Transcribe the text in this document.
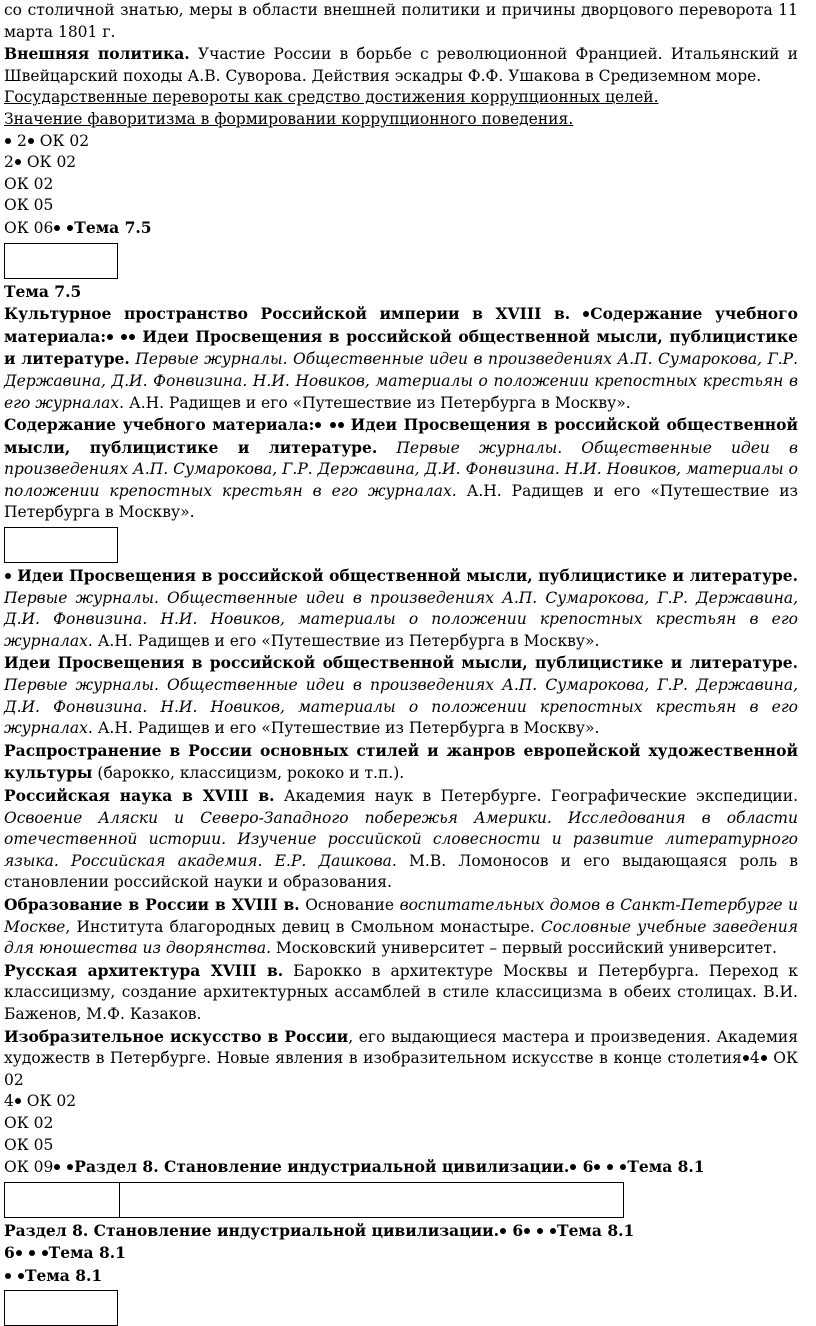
со столичной знатью, меры в области внешней политики и причины дворцового переворота 11 марта 1801 г.

Внешняя политика. Участие России в борьбе с революционной Францией. Итальянский и Швейцарский походы А.В. Суворова. Действия эскадры Ф.Ф. Ушакова в Средиземном море.

Государственные перевороты как средство достижения коррупционных целей.

Значение фаворитизма в формировании коррупционного поведения.

2 ОК 02

2 ОК 02

ОК 02

ОК 05

ОК 06 Тема 7.5

Тема 7.5

Культурное пространство Российской империи в XVIII в. Содержание учебного материала: Идеи Просвещения в российской общественной мысли, публицистике и литературе. Первые журналы. Общественные идеи в произведениях А.П. Сумарокова, Г.Р. Державина, Д.И. Фонвизина. Н.И. Новиков, материалы о положении крепостных крестьян в его журналах. А.Н. Радищев и его «Путешествие из Петербурга в Москву».

Содержание учебного материала: Идеи Просвещения в российской общественной мысли, публицистике и литературе. Первые журналы. Общественные идеи в произведениях А.П. Сумарокова, Г.Р. Державина, Д.И. Фонвизина. Н.И. Новиков, материалы о положении крепостных крестьян в его журналах. А.Н. Радищев и его «Путешествие из Петербурга в Москву».

Идеи Просвещения в российской общественной мысли, публицистике и литературе. Первые журналы. Общественные идеи в произведениях А.П. Сумарокова, Г.Р. Державина, Д.И. Фонвизина. Н.И. Новиков, материалы о положении крепостных крестьян в его журналах. А.Н. Радищев и его «Путешествие из Петербурга в Москву».

Идеи Просвещения в российской общественной мысли, публицистике и литературе. Первые журналы. Общественные идеи в произведениях А.П. Сумарокова, Г.Р. Державина, Д.И. Фонвизина. Н.И. Новиков, материалы о положении крепостных крестьян в его журналах. А.Н. Радищев и его «Путешествие из Петербурга в Москву».

Распространение в России основных стилей и жанров европейской художественной культуры (барокко, классицизм, рококо и т.п.).

Российская наука в XVIII в. Академия наук в Петербурге. Географические экспедиции. Освоение Аляски и Северо-Западного побережья Америки. Исследования в области отечественной истории. Изучение российской словесности и развитие литературного языка. Российская академия. Е.Р. Дашкова. М.В. Ломоносов и его выдающаяся роль в становлении российской науки и образования.

Образование в России в XVIII в. Основание воспитательных домов в Санкт-Петербурге и Москве, Института благородных девиц в Смольном монастыре. Сословные учебные заведения для юношества из дворянства. Московский университет – первый российский университет.

Русская архитектура XVIII в. Барокко в архитектуре Москвы и Петербурга. Переход к классицизму, создание архитектурных ассамблей в стиле классицизма в обеих столицах. В.И. Баженов, М.Ф. Казаков.

Изобразительное искусство в России, его выдающиеся мастера и произведения. Академия художеств в Петербурге. Новые явления в изобразительном искусстве в конце столетия 4 ОК 02

4 ОК 02

ОК 02

ОК 05

ОК 09 Раздел 8. Становление индустриальной цивилизации. 6 Тема 8.1

Раздел 8. Становление индустриальной цивилизации. 6 Тема 8.1

6 Тема 8.1

Тема 8.1
